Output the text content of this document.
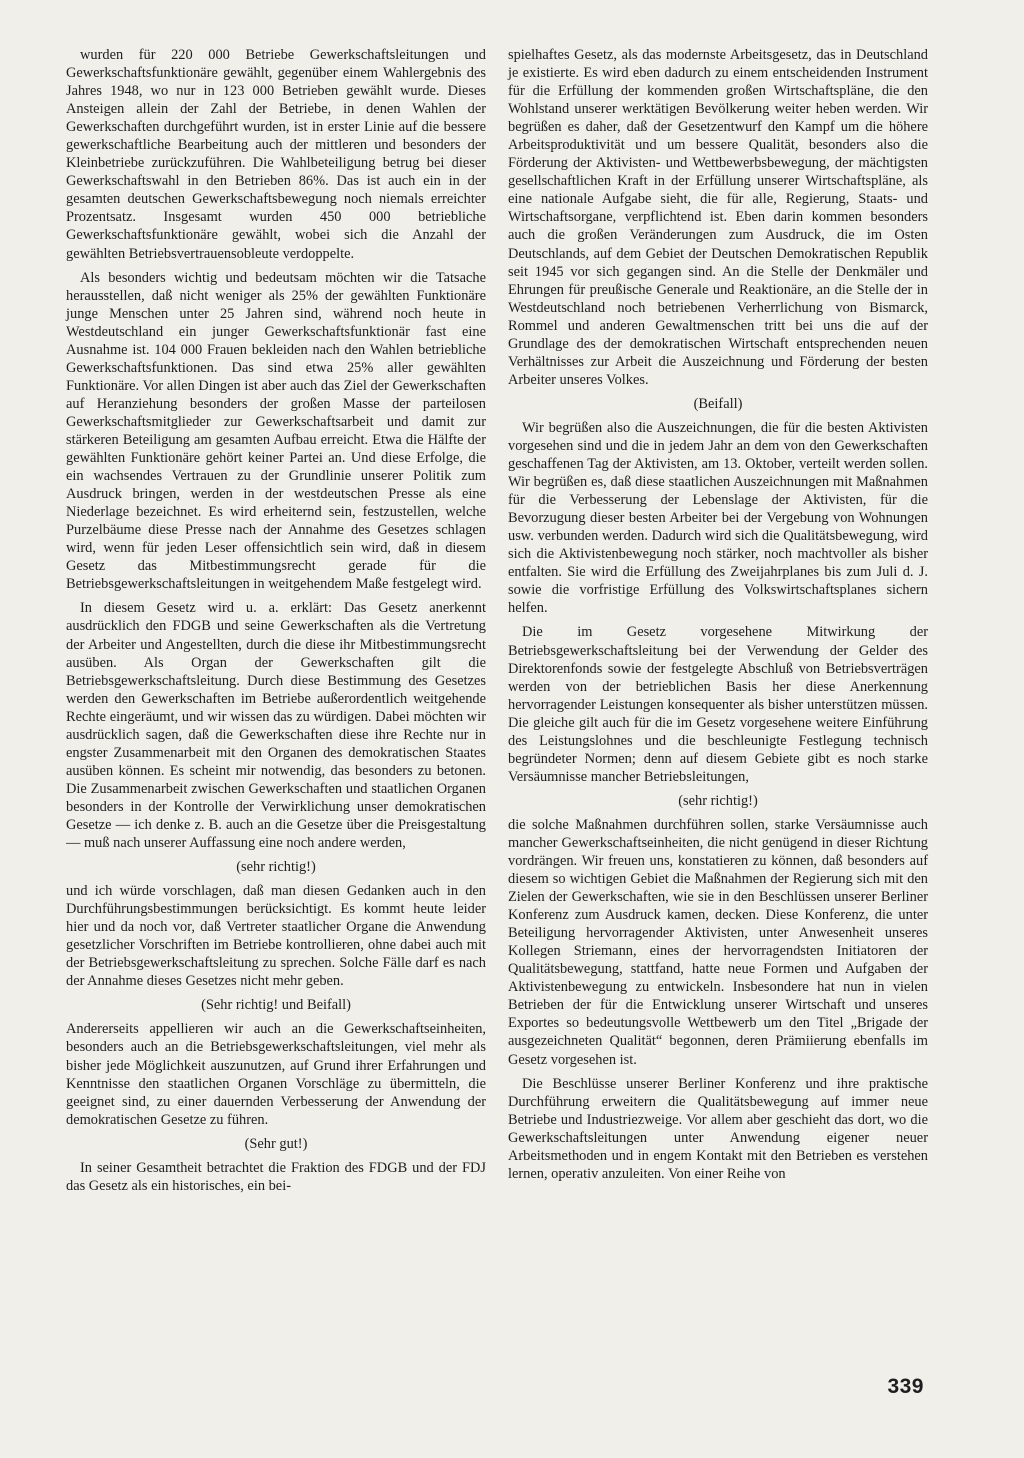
wurden für 220 000 Betriebe Gewerkschaftsleitungen und Gewerkschaftsfunktionäre gewählt, gegenüber einem Wahlergebnis des Jahres 1948, wo nur in 123 000 Betrieben gewählt wurde. Dieses Ansteigen allein der Zahl der Betriebe, in denen Wahlen der Gewerkschaften durchgeführt wurden, ist in erster Linie auf die bessere gewerkschaftliche Bearbeitung auch der mittleren und besonders der Kleinbetriebe zurückzuführen. Die Wahlbeteiligung betrug bei dieser Gewerkschaftswahl in den Betrieben 86%. Das ist auch ein in der gesamten deutschen Gewerkschaftsbewegung noch niemals erreichter Prozentsatz. Insgesamt wurden 450 000 betriebliche Gewerkschaftsfunktionäre gewählt, wobei sich die Anzahl der gewählten Betriebsvertrauensobleute verdoppelte.

Als besonders wichtig und bedeutsam möchten wir die Tatsache herausstellen, daß nicht weniger als 25% der gewählten Funktionäre junge Menschen unter 25 Jahren sind, während noch heute in Westdeutschland ein junger Gewerkschaftsfunktionär fast eine Ausnahme ist. 104 000 Frauen bekleiden nach den Wahlen betriebliche Gewerkschaftsfunktionen. Das sind etwa 25% aller gewählten Funktionäre. Vor allen Dingen ist aber auch das Ziel der Gewerkschaften auf Heranziehung besonders der großen Masse der parteilosen Gewerkschaftsmitglieder zur Gewerkschaftsarbeit und damit zur stärkeren Beteiligung am gesamten Aufbau erreicht. Etwa die Hälfte der gewählten Funktionäre gehört keiner Partei an. Und diese Erfolge, die ein wachsendes Vertrauen zu der Grundlinie unserer Politik zum Ausdruck bringen, werden in der westdeutschen Presse als eine Niederlage bezeichnet. Es wird erheiternd sein, festzustellen, welche Purzelbäume diese Presse nach der Annahme des Gesetzes schlagen wird, wenn für jeden Leser offensichtlich sein wird, daß in diesem Gesetz das Mitbestimmungsrecht gerade für die Betriebsgewerkschaftsleitungen in weitgehendem Maße festgelegt wird.

In diesem Gesetz wird u. a. erklärt: Das Gesetz anerkennt ausdrücklich den FDGB und seine Gewerkschaften als die Vertretung der Arbeiter und Angestellten, durch die diese ihr Mitbestimmungsrecht ausüben. Als Organ der Gewerkschaften gilt die Betriebsgewerkschaftsleitung. Durch diese Bestimmung des Gesetzes werden den Gewerkschaften im Betriebe außerordentlich weitgehende Rechte eingeräumt, und wir wissen das zu würdigen. Dabei möchten wir ausdrücklich sagen, daß die Gewerkschaften diese ihre Rechte nur in engster Zusammenarbeit mit den Organen des demokratischen Staates ausüben können. Es scheint mir notwendig, das besonders zu betonen. Die Zusammenarbeit zwischen Gewerkschaften und staatlichen Organen besonders in der Kontrolle der Verwirklichung unser demokratischen Gesetze — ich denke z. B. auch an die Gesetze über die Preisgestaltung — muß nach unserer Auffassung eine noch andere werden,

(sehr richtig!)

und ich würde vorschlagen, daß man diesen Gedanken auch in den Durchführungsbestimmungen berücksichtigt. Es kommt heute leider hier und da noch vor, daß Vertreter staatlicher Organe die Anwendung gesetzlicher Vorschriften im Betriebe kontrollieren, ohne dabei auch mit der Betriebsgewerkschaftsleitung zu sprechen. Solche Fälle darf es nach der Annahme dieses Gesetzes nicht mehr geben.

(Sehr richtig! und Beifall)

Andererseits appellieren wir auch an die Gewerkschaftseinheiten, besonders auch an die Betriebsgewerkschaftsleitungen, viel mehr als bisher jede Möglichkeit auszunutzen, auf Grund ihrer Erfahrungen und Kenntnisse den staatlichen Organen Vorschläge zu übermitteln, die geeignet sind, zu einer dauernden Verbesserung der Anwendung der demokratischen Gesetze zu führen.

(Sehr gut!)

In seiner Gesamtheit betrachtet die Fraktion des FDGB und der FDJ das Gesetz als ein historisches, ein bei-

spielhaftes Gesetz, als das modernste Arbeitsgesetz, das in Deutschland je existierte. Es wird eben dadurch zu einem entscheidenden Instrument für die Erfüllung der kommenden großen Wirtschaftspläne, die den Wohlstand unserer werktätigen Bevölkerung weiter heben werden. Wir begrüßen es daher, daß der Gesetzentwurf den Kampf um die höhere Arbeitsproduktivität und um bessere Qualität, besonders also die Förderung der Aktivisten- und Wettbewerbsbewegung, der mächtigsten gesellschaftlichen Kraft in der Erfüllung unserer Wirtschaftspläne, als eine nationale Aufgabe sieht, die für alle, Regierung, Staats- und Wirtschaftsorgane, verpflichtend ist. Eben darin kommen besonders auch die großen Veränderungen zum Ausdruck, die im Osten Deutschlands, auf dem Gebiet der Deutschen Demokratischen Republik seit 1945 vor sich gegangen sind. An die Stelle der Denkmäler und Ehrungen für preußische Generale und Reaktionäre, an die Stelle der in Westdeutschland noch betriebenen Verherrlichung von Bismarck, Rommel und anderen Gewaltmenschen tritt bei uns die auf der Grundlage des der demokratischen Wirtschaft entsprechenden neuen Verhältnisses zur Arbeit die Auszeichnung und Förderung der besten Arbeiter unseres Volkes.

(Beifall)

Wir begrüßen also die Auszeichnungen, die für die besten Aktivisten vorgesehen sind und die in jedem Jahr an dem von den Gewerkschaften geschaffenen Tag der Aktivisten, am 13. Oktober, verteilt werden sollen. Wir begrüßen es, daß diese staatlichen Auszeichnungen mit Maßnahmen für die Verbesserung der Lebenslage der Aktivisten, für die Bevorzugung dieser besten Arbeiter bei der Vergebung von Wohnungen usw. verbunden werden. Dadurch wird sich die Qualitätsbewegung, wird sich die Aktivistenbewegung noch stärker, noch machtvoller als bisher entfalten. Sie wird die Erfüllung des Zweijahrplanes bis zum Juli d. J. sowie die vorfristige Erfüllung des Volkswirtschaftsplanes sichern helfen.

Die im Gesetz vorgesehene Mitwirkung der Betriebsgewerkschaftsleitung bei der Verwendung der Gelder des Direktorenfonds sowie der festgelegte Abschluß von Betriebsverträgen werden von der betrieblichen Basis her diese Anerkennung hervorragender Leistungen konsequenter als bisher unterstützen müssen. Die gleiche gilt auch für die im Gesetz vorgesehene weitere Einführung des Leistungslohnes und die beschleunigte Festlegung technisch begründeter Normen; denn auf diesem Gebiete gibt es noch starke Versäumnisse mancher Betriebsleitungen,

(sehr richtig!)

die solche Maßnahmen durchführen sollen, starke Versäumnisse auch mancher Gewerkschaftseinheiten, die nicht genügend in dieser Richtung vordrängen. Wir freuen uns, konstatieren zu können, daß besonders auf diesem so wichtigen Gebiet die Maßnahmen der Regierung sich mit den Zielen der Gewerkschaften, wie sie in den Beschlüssen unserer Berliner Konferenz zum Ausdruck kamen, decken. Diese Konferenz, die unter Beteiligung hervorragender Aktivisten, unter Anwesenheit unseres Kollegen Striemann, eines der hervorragendsten Initiatoren der Qualitätsbewegung, stattfand, hatte neue Formen und Aufgaben der Aktivistenbewegung zu entwickeln. Insbesondere hat nun in vielen Betrieben der für die Entwicklung unserer Wirtschaft und unseres Exportes so bedeutungsvolle Wettbewerb um den Titel „Brigade der ausgezeichneten Qualität“ begonnen, deren Prämiierung ebenfalls im Gesetz vorgesehen ist.

Die Beschlüsse unserer Berliner Konferenz und ihre praktische Durchführung erweitern die Qualitätsbewegung auf immer neue Betriebe und Industriezweige. Vor allem aber geschieht das dort, wo die Gewerkschaftsleitungen unter Anwendung eigener neuer Arbeitsmethoden und in engem Kontakt mit den Betrieben es verstehen lernen, operativ anzuleiten. Von einer Reihe von

339
